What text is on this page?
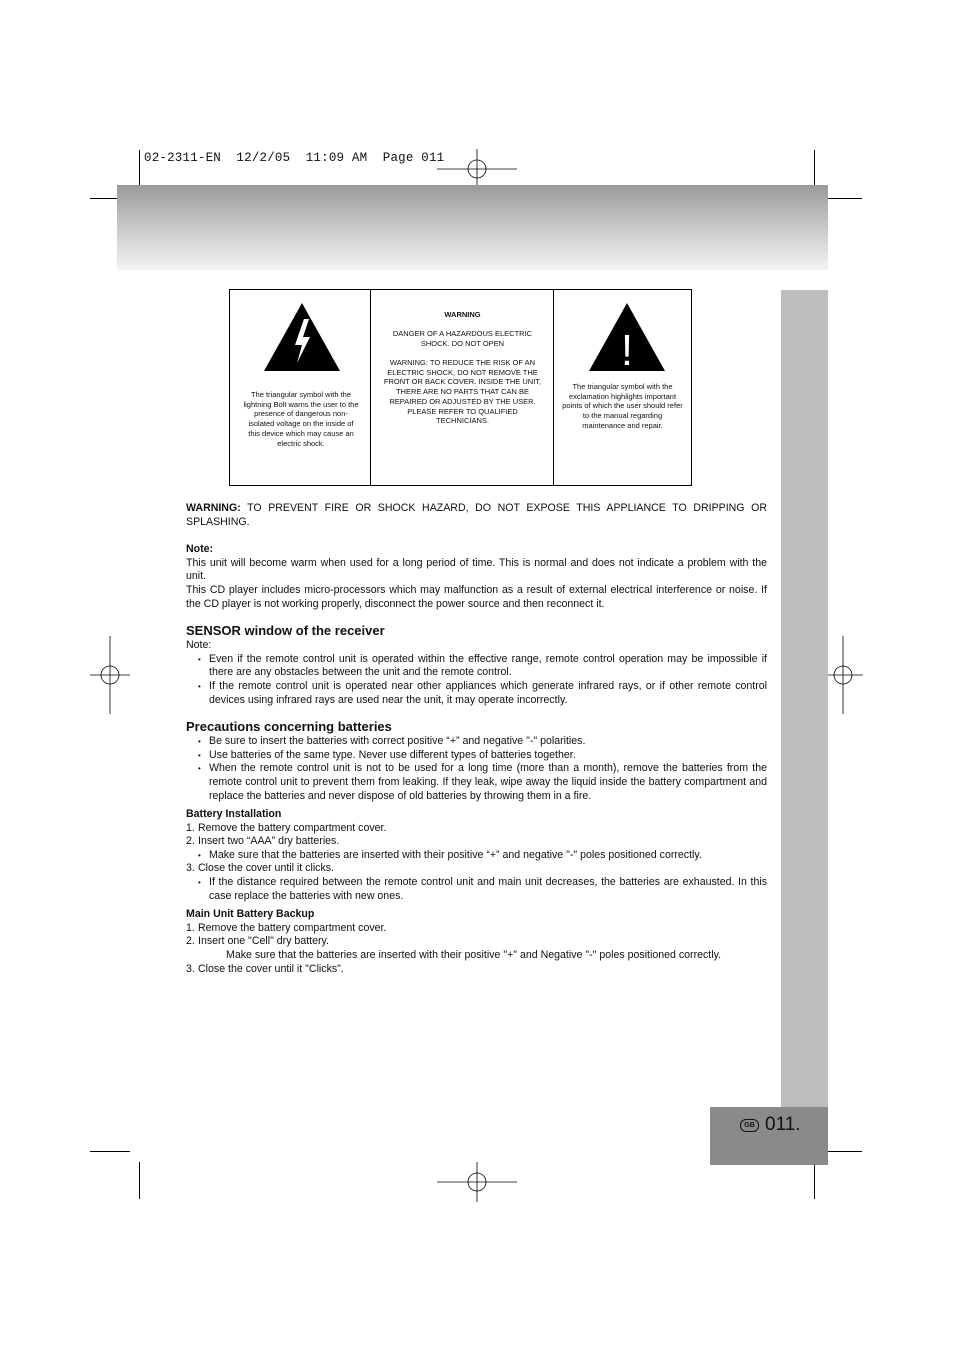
02-2311-EN  12/2/05  11:09 AM  Page 011
GB 011.
The triangular symbol with the lightning Bolt warns the user to the presence of dangerous non-isolated voltage on the inside of this device which may cause an electric shock.
WARNING
DANGER OF A HAZARDOUS ELECTRIC SHOCK. DO NOT OPEN
WARNING: TO REDUCE THE RISK OF AN ELECTRIC SHOCK, DO NOT REMOVE THE FRONT OR BACK COVER. INSIDE THE UNIT, THERE ARE NO PARTS THAT CAN BE REPAIRED OR ADJUSTED BY THE USER. PLEASE REFER TO QUALIFIED TECHNICIANS.
!
The triangular symbol with the exclamation highlights important points of which the user should refer to the manual regarding maintenance and repair.

WARNING: TO PREVENT FIRE OR SHOCK HAZARD, DO NOT EXPOSE THIS APPLIANCE TO DRIPPING OR SPLASHING.

Note:

This unit will become warm when used for a long period of time. This is normal and does not indicate a problem with the unit.

This CD player includes micro-processors which may malfunction as a result of external electrical interference or noise. If the CD player is not working properly, disconnect the power source and then reconnect it.

SENSOR window of the receiver

Note:

• Even if the remote control unit is operated within the effective range, remote control operation may be impossible if there are any obstacles between the unit and the remote control.
• If the remote control unit is operated near other appliances which generate infrared rays, or if other remote control devices using infrared rays are used near the unit, it may operate incorrectly.
Precautions concerning batteries
• Be sure to insert the batteries with correct positive “+” and negative "-" polarities.
• Use batteries of the same type. Never use different types of batteries together.
• When the remote control unit is not to be used for a long time (more than a month), remove the batteries from the remote control unit to prevent them from leaking. If they leak, wipe away the liquid inside the battery compartment and replace the batteries and never dispose of old batteries by throwing them in a fire.
Battery Installation
1. Remove the battery compartment cover.
2. Insert two “AAA” dry batteries.
• Make sure that the batteries are inserted with their positive “+” and negative "-" poles positioned correctly.
3. Close the cover until it clicks.
• If the distance required between the remote control unit and main unit decreases, the batteries are exhausted. In this case replace the batteries with new ones.
Main Unit Battery Backup
1. Remove the battery compartment cover.
2. Insert one "Cell" dry battery.

Make sure that the batteries are inserted with their positive "+" and Negative "-" poles positioned correctly.

3. Close the cover until it "Clicks".
